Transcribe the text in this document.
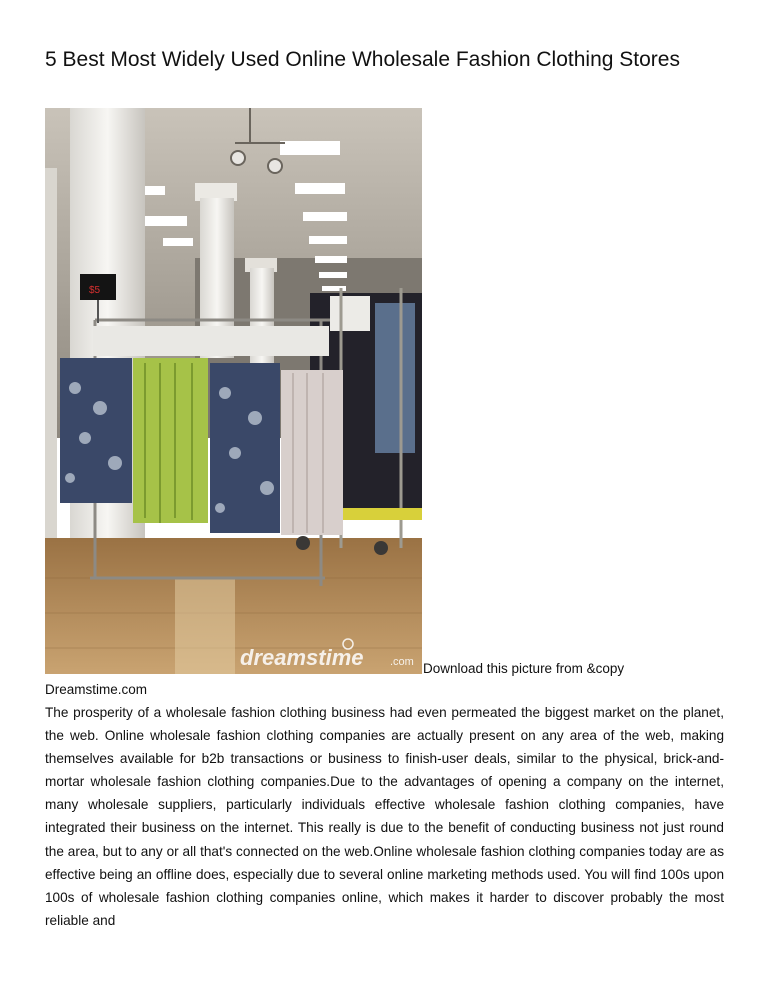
5 Best Most Widely Used Online Wholesale Fashion Clothing Stores
$5
dreamstime .com Download this picture from &copy
Dreamstime.com

The prosperity of a wholesale fashion clothing business had even permeated the biggest market on the planet, the web. Online wholesale fashion clothing companies are actually present on any area of the web, making themselves available for b2b transactions or business to finish-user deals, similar to the physical, brick-and-mortar wholesale fashion clothing companies.Due to the advantages of opening a company on the internet, many wholesale suppliers, particularly individuals effective wholesale fashion clothing companies, have integrated their business on the internet. This really is due to the benefit of conducting business not just round the area, but to any or all that's connected on the web.Online wholesale fashion clothing companies today are as effective being an offline does, especially due to several online marketing methods used. You will find 100s upon 100s of wholesale fashion clothing companies online, which makes it harder to discover probably the most reliable and
